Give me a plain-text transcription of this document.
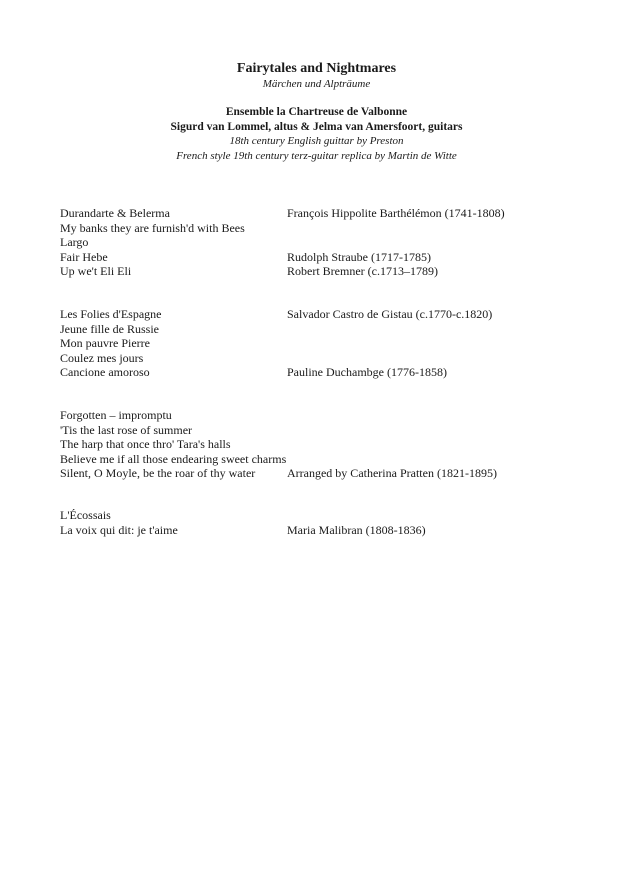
Fairytales and Nightmares
Märchen und Alpträume
Ensemble la Chartreuse de Valbonne
Sigurd van Lommel, altus & Jelma van Amersfoort, guitars
18th century English guittar by Preston
French style 19th century terz-guitar replica by Martin de Witte
Durandarte & Belerma	François Hippolite Barthélémon (1741-1808)
My banks they are furnish'd with Bees
Largo
Fair Hebe	Rudolph Straube (1717-1785)
Up we't Eli Eli	Robert Bremner (c.1713–1789)
Les Folies d'Espagne	Salvador Castro de Gistau (c.1770-c.1820)
Jeune fille de Russie
Mon pauvre Pierre
Coulez mes jours
Cancione amoroso	Pauline Duchambge (1776-1858)
Forgotten – impromptu
'Tis the last rose of summer
The harp that once thro' Tara's halls
Believe me if all those endearing sweet charms
Silent, O Moyle, be the roar of thy water	Arranged by Catherina Pratten (1821-1895)
L'Écossais
La voix qui dit: je t'aime	Maria Malibran (1808-1836)
